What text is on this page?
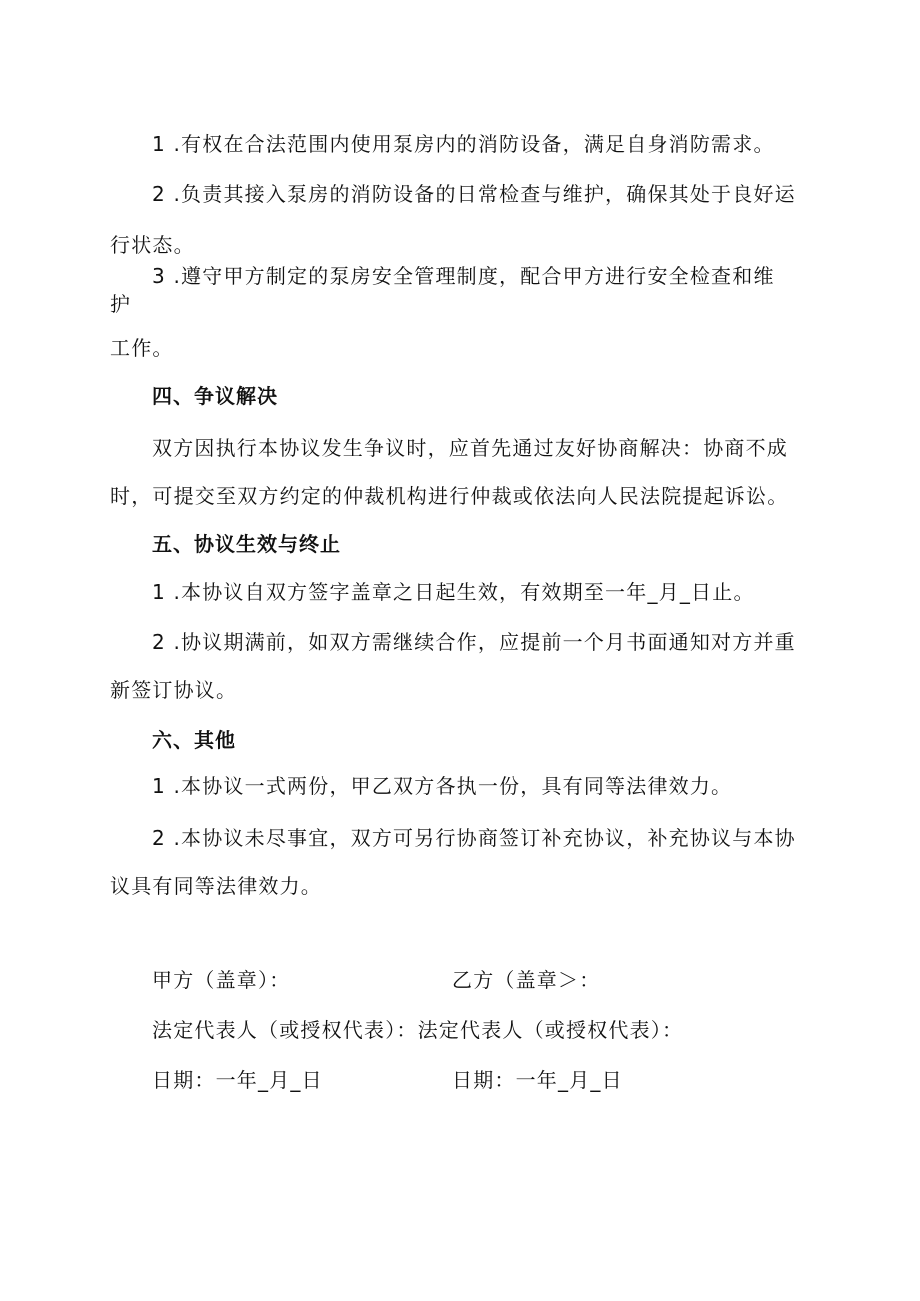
1 .有权在合法范围内使用泵房内的消防设备，满足自身消防需求。
2 .负责其接入泵房的消防设备的日常检查与维护，确保其处于良好运
行状态。
3 .遵守甲方制定的泵房安全管理制度，配合甲方进行安全检查和维
护
工作。
四、争议解决
双方因执行本协议发生争议时，应首先通过友好协商解决：协商不成
时，可提交至双方约定的仲裁机构进行仲裁或依法向人民法院提起诉讼。
五、协议生效与终止
1 .本协议自双方签字盖章之日起生效，有效期至一年_月_日止。
2 .协议期满前，如双方需继续合作，应提前一个月书面通知对方并重
新签订协议。
六、其他
1 .本协议一式两份，甲乙双方各执一份，具有同等法律效力。
2 .本协议未尽事宜，双方可另行协商签订补充协议，补充协议与本协
议具有同等法律效力。
甲方（盖章）：	乙方（盖章＞：
法定代表人（或授权代表）：法定代表人（或授权代表）：
日期：一年_月_日	日期：一年_月_日
